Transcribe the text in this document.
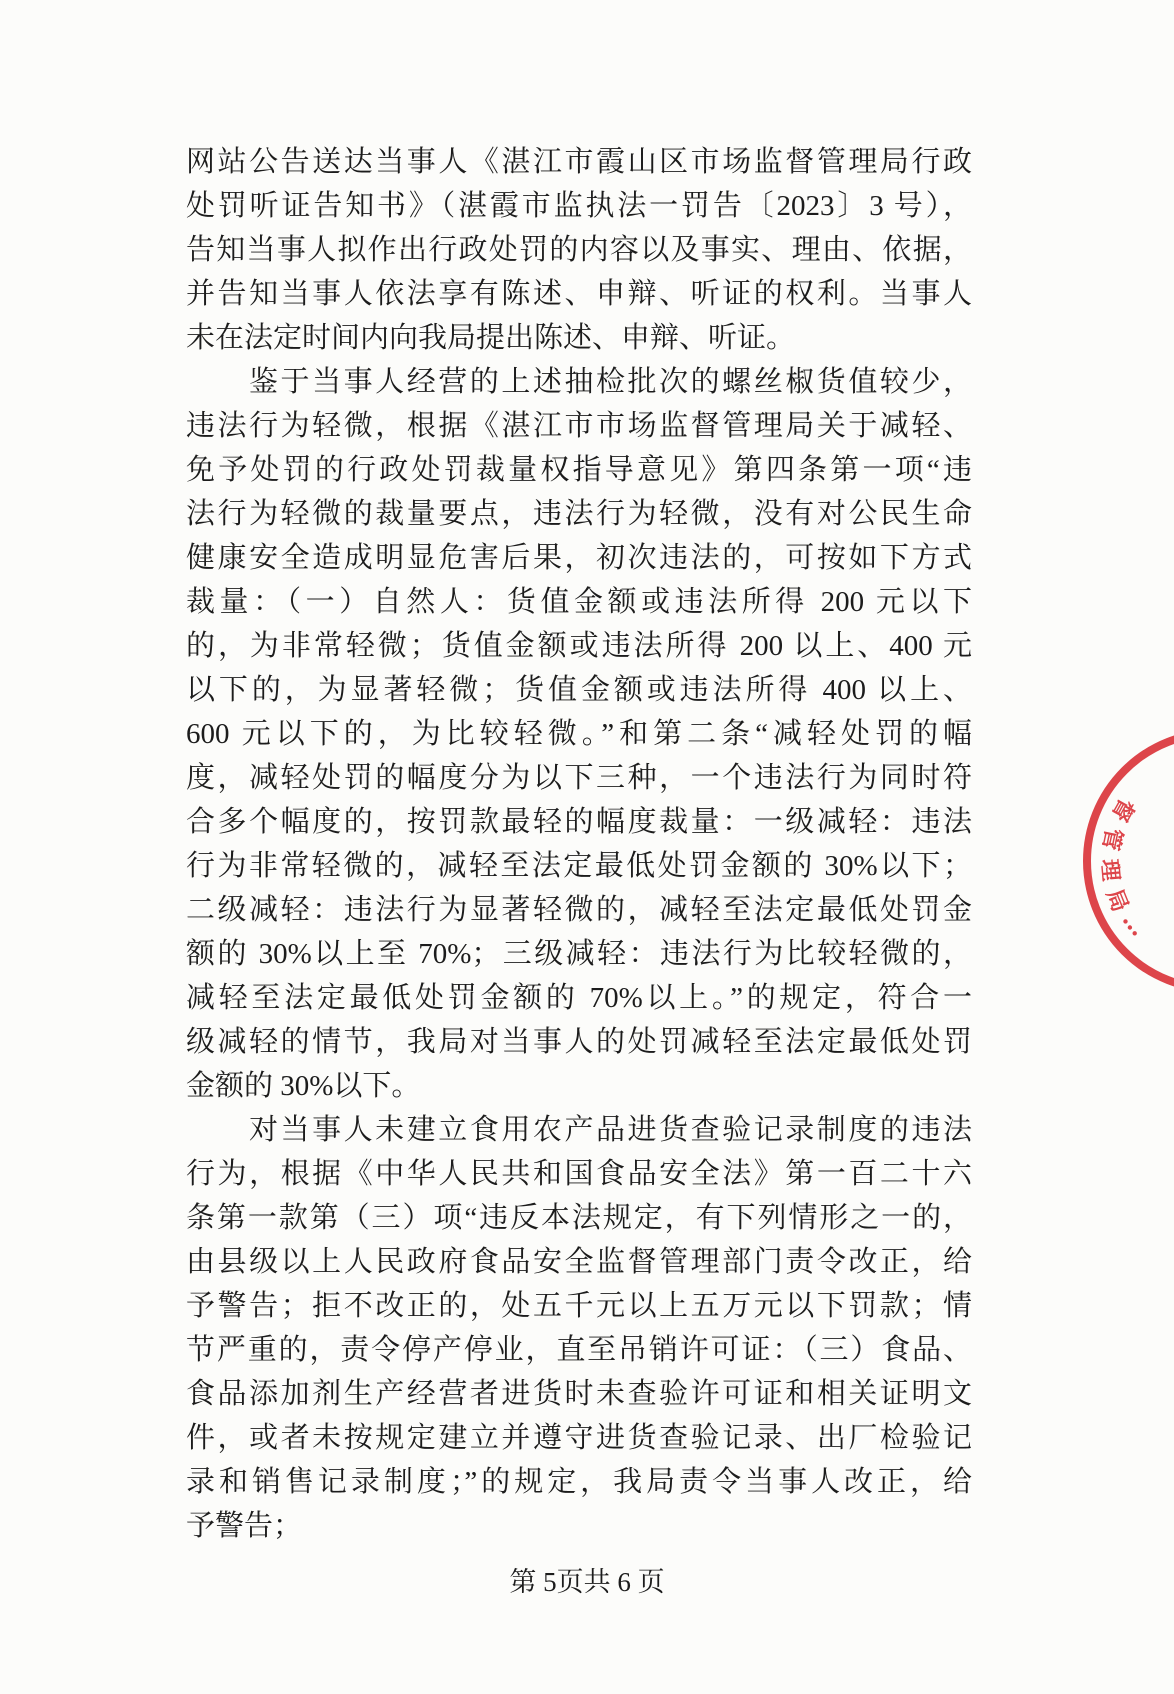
网站公告送达当事人《湛江市霞山区市场监督管理局行政
处罚听证告知书》（湛霞市监执法一罚告〔2023〕3 号），
告知当事人拟作出行政处罚的内容以及事实、理由、依据，
并告知当事人依法享有陈述、申辩、听证的权利。当事人
未在法定时间内向我局提出陈述、申辩、听证。
鉴于当事人经营的上述抽检批次的螺丝椒货值较少，
违法行为轻微，根据《湛江市市场监督管理局关于减轻、
免予处罚的行政处罚裁量权指导意见》第四条第一项“违
法行为轻微的裁量要点，违法行为轻微，没有对公民生命
健康安全造成明显危害后果，初次违法的，可按如下方式
裁量：（一）自然人：货值金额或违法所得 200 元以下
的，为非常轻微；货值金额或违法所得 200 以上、400 元
以下的，为显著轻微；货值金额或违法所得 400 以上、
600 元以下的，为比较轻微。”和第二条“减轻处罚的幅
度，减轻处罚的幅度分为以下三种，一个违法行为同时符
合多个幅度的，按罚款最轻的幅度裁量：一级减轻：违法
行为非常轻微的，减轻至法定最低处罚金额的 30%以下；
二级减轻：违法行为显著轻微的，减轻至法定最低处罚金
额的 30%以上至 70%；三级减轻：违法行为比较轻微的，
减轻至法定最低处罚金额的 70%以上。”的规定，符合一
级减轻的情节，我局对当事人的处罚减轻至法定最低处罚
金额的 30%以下。
对当事人未建立食用农产品进货查验记录制度的违法
行为，根据《中华人民共和国食品安全法》第一百二十六
条第一款第（三）项“违反本法规定，有下列情形之一的，
由县级以上人民政府食品安全监督管理部门责令改正，给
予警告；拒不改正的，处五千元以上五万元以下罚款；情
节严重的，责令停产停业，直至吊销许可证：（三）食品、
食品添加剂生产经营者进货时未查验许可证和相关证明文
件，或者未按规定建立并遵守进货查验记录、出厂检验记
录和销售记录制度；”的规定，我局责令当事人改正，给
予警告；
第 5页共 6 页
督
管
理
局
